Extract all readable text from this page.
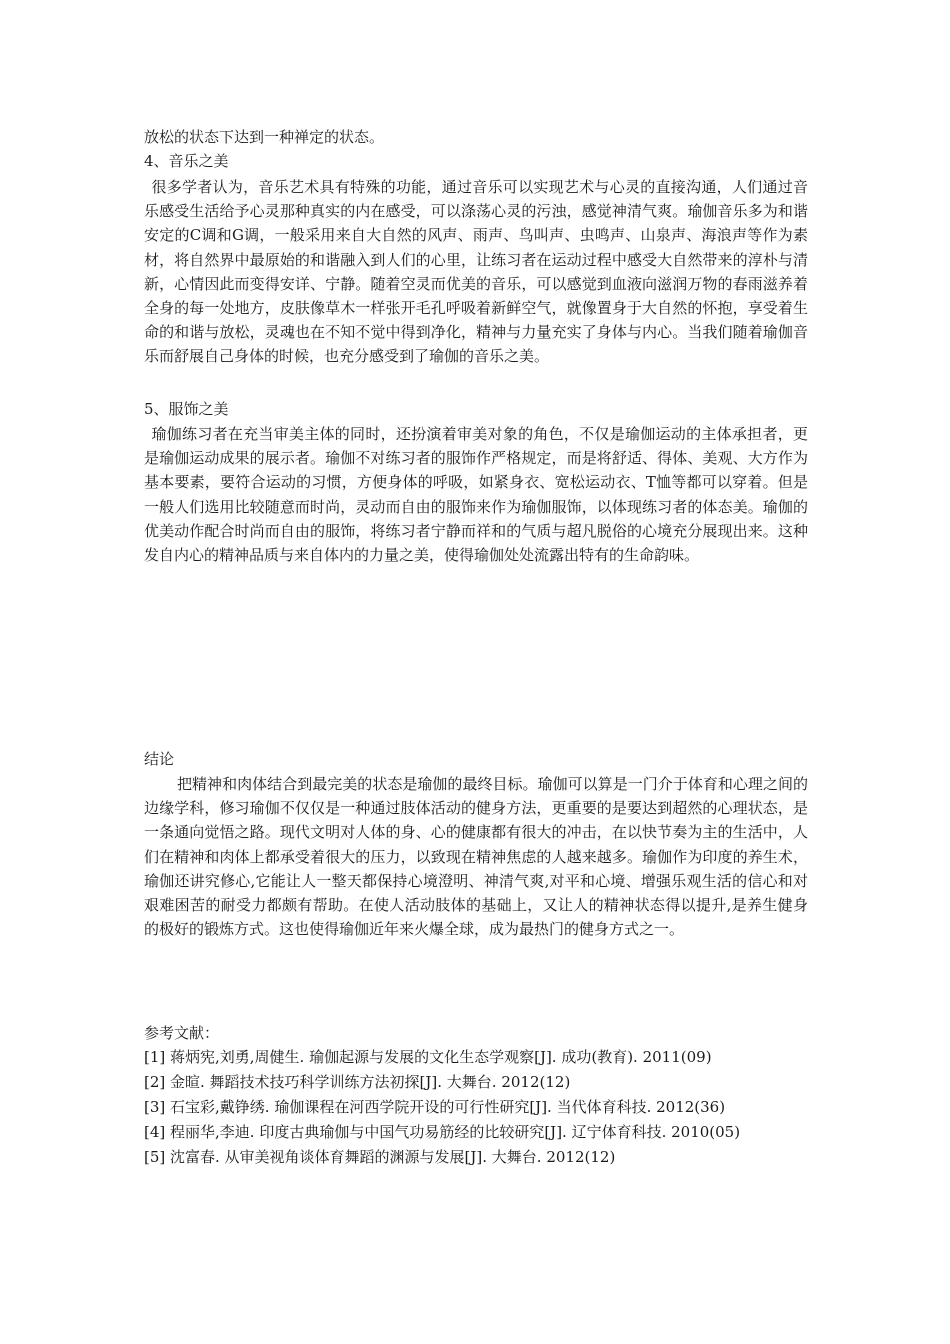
放松的状态下达到一种禅定的状态。
4、音乐之美
很多学者认为，音乐艺术具有特殊的功能，通过音乐可以实现艺术与心灵的直接沟通，人们通过音乐感受生活给予心灵那种真实的内在感受，可以涤荡心灵的污浊，感觉神清气爽。瑜伽音乐多为和谐安定的C调和G调，一般采用来自大自然的风声、雨声、鸟叫声、虫鸣声、山泉声、海浪声等作为素材，将自然界中最原始的和谐融入到人们的心里，让练习者在运动过程中感受大自然带来的淳朴与清新，心情因此而变得安详、宁静。随着空灵而优美的音乐，可以感觉到血液向滋润万物的春雨滋养着全身的每一处地方，皮肤像草木一样张开毛孔呼吸着新鲜空气，就像置身于大自然的怀抱，享受着生命的和谐与放松，灵魂也在不知不觉中得到净化，精神与力量充实了身体与内心。当我们随着瑜伽音乐而舒展自己身体的时候，也充分感受到了瑜伽的音乐之美。
5、服饰之美
瑜伽练习者在充当审美主体的同时，还扮演着审美对象的角色，不仅是瑜伽运动的主体承担者，更是瑜伽运动成果的展示者。瑜伽不对练习者的服饰作严格规定，而是将舒适、得体、美观、大方作为基本要素，要符合运动的习惯，方便身体的呼吸，如紧身衣、宽松运动衣、T恤等都可以穿着。但是一般人们选用比较随意而时尚，灵动而自由的服饰来作为瑜伽服饰，以体现练习者的体态美。瑜伽的优美动作配合时尚而自由的服饰，将练习者宁静而祥和的气质与超凡脱俗的心境充分展现出来。这种发自内心的精神品质与来自体内的力量之美，使得瑜伽处处流露出特有的生命韵味。
结论
把精神和肉体结合到最完美的状态是瑜伽的最终目标。瑜伽可以算是一门介于体育和心理之间的边缘学科，修习瑜伽不仅仅是一种通过肢体活动的健身方法，更重要的是要达到超然的心理状态，是一条通向觉悟之路。现代文明对人体的身、心的健康都有很大的冲击，在以快节奏为主的生活中，人们在精神和肉体上都承受着很大的压力，以致现在精神焦虑的人越来越多。瑜伽作为印度的养生术，瑜伽还讲究修心,它能让人一整天都保持心境澄明、神清气爽,对平和心境、增强乐观生活的信心和对艰难困苦的耐受力都颇有帮助。在使人活动肢体的基础上，又让人的精神状态得以提升,是养生健身的极好的锻炼方式。这也使得瑜伽近年来火爆全球，成为最热门的健身方式之一。
参考文献：
[1] 蒋炳宪,刘勇,周健生. 瑜伽起源与发展的文化生态学观察[J]. 成功(教育). 2011(09)
[2] 金暄. 舞蹈技术技巧科学训练方法初探[J]. 大舞台. 2012(12)
[3] 石宝彩,戴铮绣. 瑜伽课程在河西学院开设的可行性研究[J]. 当代体育科技. 2012(36)
[4] 程丽华,李迪. 印度古典瑜伽与中国气功易筋经的比较研究[J]. 辽宁体育科技. 2010(05)
[5] 沈富春. 从审美视角谈体育舞蹈的渊源与发展[J]. 大舞台. 2012(12)
